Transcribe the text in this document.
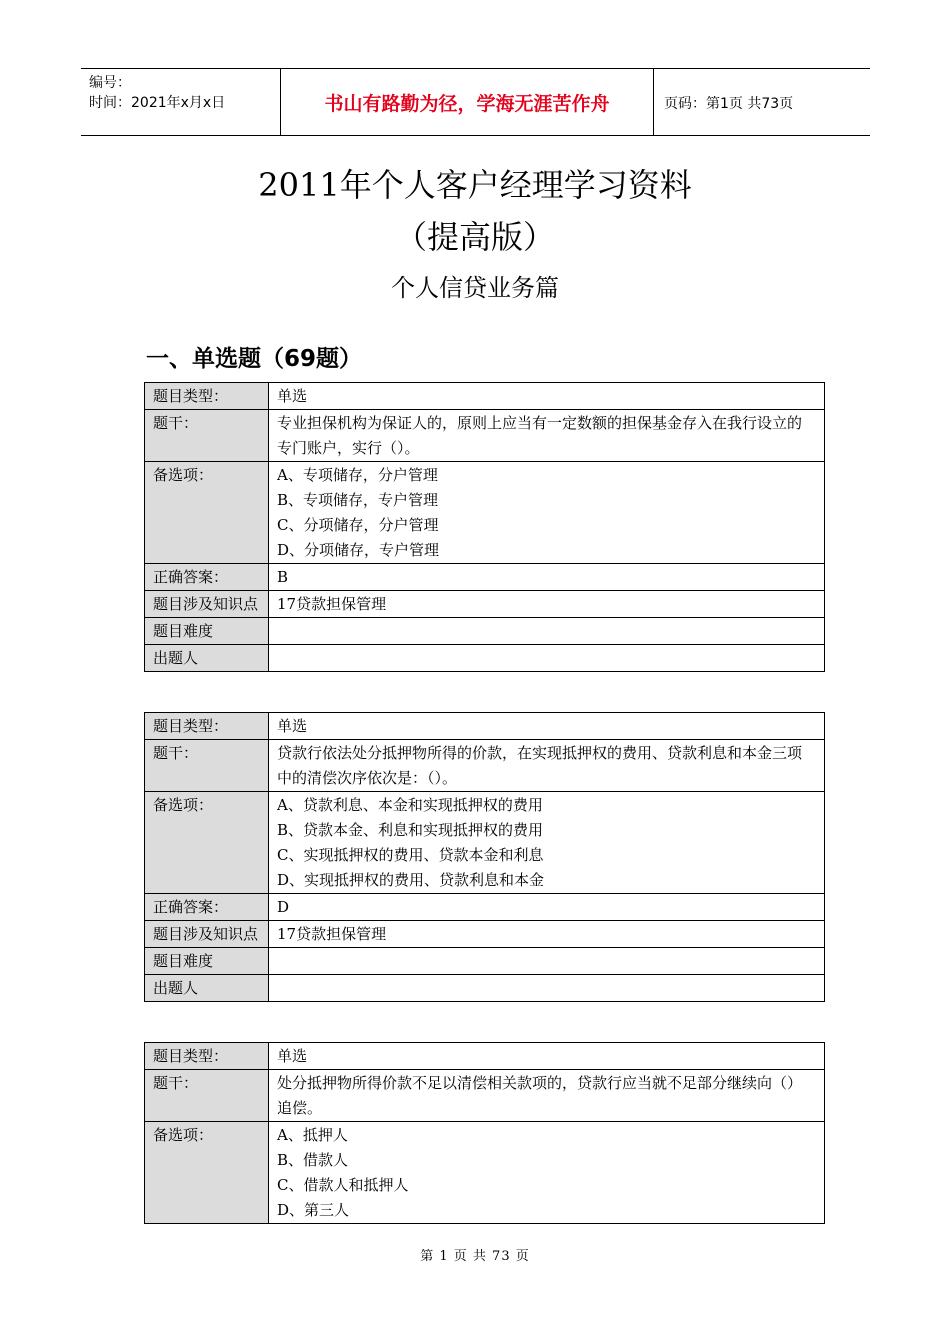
编号：
时间：2021年x月x日	书山有路勤为径，学海无涯苦作舟	页码：第1页 共73页
2011年个人客户经理学习资料
（提高版）
个人信贷业务篇
一、单选题（69题）
题目类型：	单选
题干：	专业担保机构为保证人的，原则上应当有一定数额的担保基金存入在我行设立的专门账户，实行（）。
备选项：	A、专项储存，分户管理
B、专项储存，专户管理
C、分项储存，分户管理
D、分项储存，专户管理

正确答案：	B
题目涉及知识点	17贷款担保管理
题目难度	
出题人	
题目类型：	单选
题干：	贷款行依法处分抵押物所得的价款，在实现抵押权的费用、贷款利息和本金三项中的清偿次序依次是：（）。
备选项：	A、贷款利息、本金和实现抵押权的费用
B、贷款本金、利息和实现抵押权的费用
C、实现抵押权的费用、贷款本金和利息
D、实现抵押权的费用、贷款利息和本金

正确答案：	D
题目涉及知识点	17贷款担保管理
题目难度	
出题人	
题目类型：	单选
题干：	处分抵押物所得价款不足以清偿相关款项的，贷款行应当就不足部分继续向（）追偿。
备选项：	A、抵押人
B、借款人
C、借款人和抵押人
D、第三人
第 1 页 共 73 页
